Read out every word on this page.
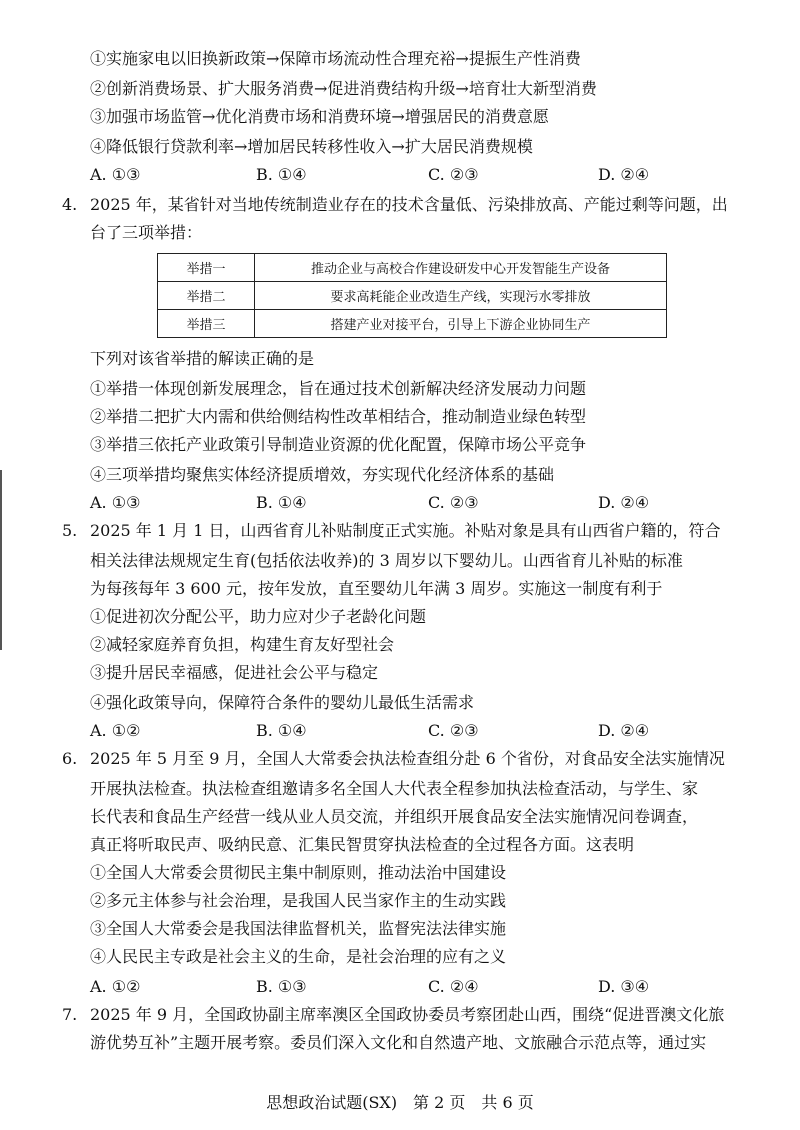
①实施家电以旧换新政策→保障市场流动性合理充裕→提振生产性消费
②创新消费场景、扩大服务消费→促进消费结构升级→培育壮大新型消费
③加强市场监管→优化消费市场和消费环境→增强居民的消费意愿
④降低银行贷款利率→增加居民转移性收入→扩大居民消费规模
A. ①③	B. ①④	C. ②③	D. ②④
4. 2025 年，某省针对当地传统制造业存在的技术含量低、污染排放高、产能过剩等问题，出
台了三项举措：
举措一	推动企业与高校合作建设研发中心开发智能生产设备
举措二	要求高耗能企业改造生产线，实现污水零排放
举措三	搭建产业对接平台，引导上下游企业协同生产
下列对该省举措的解读正确的是
①举措一体现创新发展理念，旨在通过技术创新解决经济发展动力问题
②举措二把扩大内需和供给侧结构性改革相结合，推动制造业绿色转型
③举措三依托产业政策引导制造业资源的优化配置，保障市场公平竞争
④三项举措均聚焦实体经济提质增效，夯实现代化经济体系的基础
A. ①③	B. ①④	C. ②③	D. ②④
5. 2025 年 1 月 1 日，山西省育儿补贴制度正式实施。补贴对象是具有山西省户籍的，符合
相关法律法规规定生育(包括依法收养)的 3 周岁以下婴幼儿。山西省育儿补贴的标准
为每孩每年 3 600 元，按年发放，直至婴幼儿年满 3 周岁。实施这一制度有利于
①促进初次分配公平，助力应对少子老龄化问题
②减轻家庭养育负担，构建生育友好型社会
③提升居民幸福感，促进社会公平与稳定
④强化政策导向，保障符合条件的婴幼儿最低生活需求
A. ①②	B. ①④	C. ②③	D. ②④
6. 2025 年 5 月至 9 月，全国人大常委会执法检查组分赴 6 个省份，对食品安全法实施情况
开展执法检查。执法检查组邀请多名全国人大代表全程参加执法检查活动，与学生、家
长代表和食品生产经营一线从业人员交流，并组织开展食品安全法实施情况问卷调查，
真正将听取民声、吸纳民意、汇集民智贯穿执法检查的全过程各方面。这表明
①全国人大常委会贯彻民主集中制原则，推动法治中国建设
②多元主体参与社会治理，是我国人民当家作主的生动实践
③全国人大常委会是我国法律监督机关，监督宪法法律实施
④人民民主专政是社会主义的生命，是社会治理的应有之义
A. ①②	B. ①③	C. ②④	D. ③④
7. 2025 年 9 月，全国政协副主席率澳区全国政协委员考察团赴山西，围绕“促进晋澳文化旅
游优势互补”主题开展考察。委员们深入文化和自然遗产地、文旅融合示范点等，通过实
思想政治试题(SX)　第 2 页　共 6 页
